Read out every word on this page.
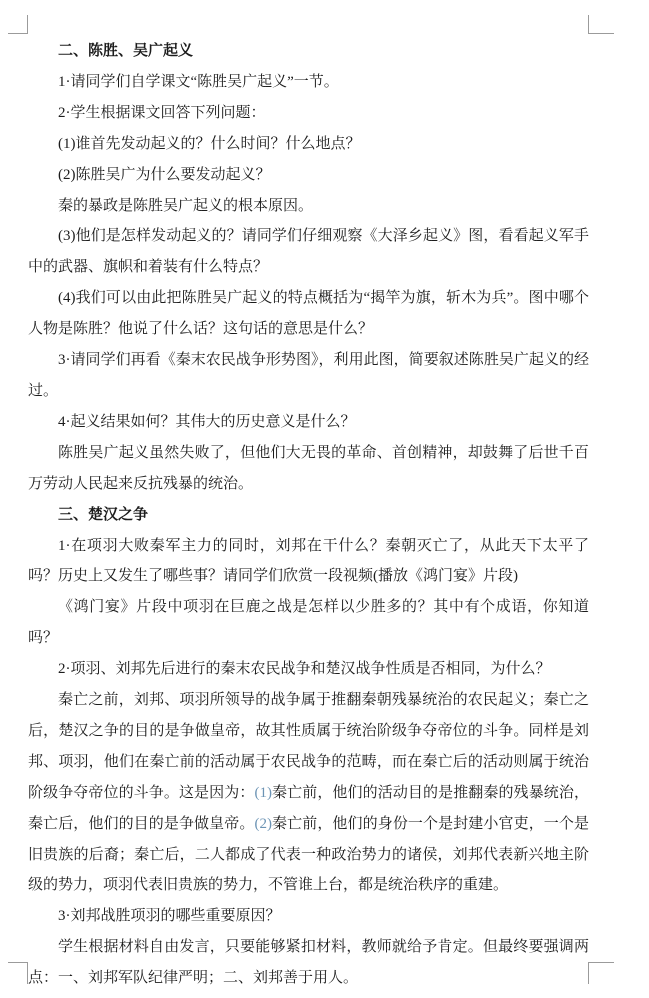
二、陈胜、吴广起义

1·请同学们自学课文“陈胜吴广起义”一节。

2·学生根据课文回答下列问题：

(1)谁首先发动起义的？什么时间？什么地点？

(2)陈胜吴广为什么要发动起义？

秦的暴政是陈胜吴广起义的根本原因。

(3)他们是怎样发动起义的？请同学们仔细观察《大泽乡起义》图，看看起义军手中的武器、旗帜和着装有什么特点？

(4)我们可以由此把陈胜吴广起义的特点概括为“揭竿为旗，斩木为兵”。图中哪个人物是陈胜？他说了什么话？这句话的意思是什么？

3·请同学们再看《秦末农民战争形势图》，利用此图，简要叙述陈胜吴广起义的经过。

4·起义结果如何？其伟大的历史意义是什么？

陈胜吴广起义虽然失败了，但他们大无畏的革命、首创精神，却鼓舞了后世千百万劳动人民起来反抗残暴的统治。

三、楚汉之争

1·在项羽大败秦军主力的同时，刘邦在干什么？秦朝灭亡了，从此天下太平了吗？历史上又发生了哪些事？请同学们欣赏一段视频(播放《鸿门宴》片段)

《鸿门宴》片段中项羽在巨鹿之战是怎样以少胜多的？其中有个成语，你知道吗？

2·项羽、刘邦先后进行的秦末农民战争和楚汉战争性质是否相同，为什么？

秦亡之前，刘邦、项羽所领导的战争属于推翻秦朝残暴统治的农民起义；秦亡之后，楚汉之争的目的是争做皇帝，故其性质属于统治阶级争夺帝位的斗争。同样是刘邦、项羽，他们在秦亡前的活动属于农民战争的范畴，而在秦亡后的活动则属于统治阶级争夺帝位的斗争。这是因为：(1)秦亡前，他们的活动目的是推翻秦的残暴统治，秦亡后，他们的目的是争做皇帝。(2)秦亡前，他们的身份一个是封建小官吏，一个是旧贵族的后裔；秦亡后，二人都成了代表一种政治势力的诸侯，刘邦代表新兴地主阶级的势力，项羽代表旧贵族的势力，不管谁上台，都是统治秩序的重建。

3·刘邦战胜项羽的哪些重要原因？

学生根据材料自由发言，只要能够紧扣材料，教师就给予肯定。但最终要强调两点：一、刘邦军队纪律严明；二、刘邦善于用人。
